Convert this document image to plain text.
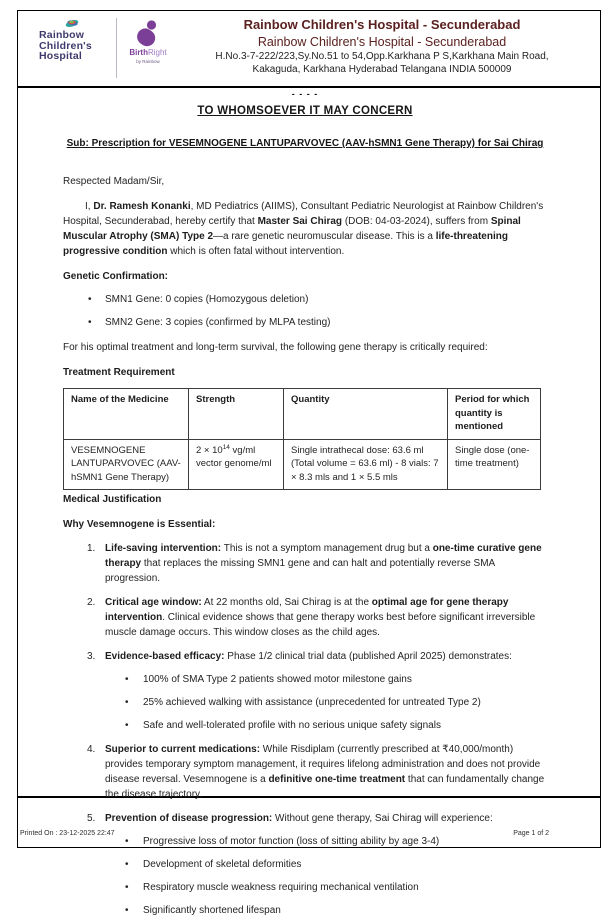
Rainbow
Children's
Hospital	BirthRight
by Rainbow
Rainbow Children's Hospital - Secunderabad
Rainbow Children's Hospital - Secunderabad
H.No.3-7-222/223,Sy.No.51 to 54,Opp.Karkhana P S,Karkhana Main Road,
Kakaguda, Karkhana Hyderabad Telangana INDIA 500009
- - - -
TO WHOMSOEVER IT MAY CONCERN
Sub: Prescription for VESEMNOGENE LANTUPARVOVEC (AAV-hSMN1 Gene Therapy) for Sai Chirag
Respected Madam/Sir,

I, Dr. Ramesh Konanki, MD Pediatrics (AIIMS), Consultant Pediatric Neurologist at Rainbow Children's Hospital, Secunderabad, hereby certify that Master Sai Chirag (DOB: 04-03-2024), suffers from Spinal Muscular Atrophy (SMA) Type 2—a rare genetic neuromuscular disease. This is a life-threatening progressive condition which is often fatal without intervention.

Genetic Confirmation:
• SMN1 Gene: 0 copies (Homozygous deletion)
• SMN2 Gene: 3 copies (confirmed by MLPA testing)

For his optimal treatment and long-term survival, the following gene therapy is critically required:

Treatment Requirement
Name of the Medicine	Strength	Quantity	Period for which quantity is mentioned
VESEMNOGENE LANTUPARVOVEC (AAV-hSMN1 Gene Therapy)	$2 \times 10^{14}$ vg/ml vector genome/ml	Single intrathecal dose: 63.6 ml (Total volume = 63.6 ml) - 8 vials: 7 × 8.3 mls and 1 × 5.5 mls	Single dose (one-time treatment)
Medical Justification
Why Vesemnogene is Essential:
1. Life-saving intervention: This is not a symptom management drug but a one-time curative gene therapy that replaces the missing SMN1 gene and can halt and potentially reverse SMA progression.
2. Critical age window: At 22 months old, Sai Chirag is at the optimal age for gene therapy intervention. Clinical evidence shows that gene therapy works best before significant irreversible muscle damage occurs. This window closes as the child ages.
3. Evidence-based efficacy: Phase 1/2 clinical trial data (published April 2025) demonstrates:
• 100% of SMA Type 2 patients showed motor milestone gains
• 25% achieved walking with assistance (unprecedented for untreated Type 2)
• Safe and well-tolerated profile with no serious unique safety signals
4. Superior to current medications: While Risdiplam (currently prescribed at ₹40,000/month) provides temporary symptom management, it requires lifelong administration and does not provide disease reversal. Vesemnogene is a definitive one-time treatment that can fundamentally change the disease trajectory.
5. Prevention of disease progression: Without gene therapy, Sai Chirag will experience:
• Progressive loss of motor function (loss of sitting ability by age 3-4)
• Development of skeletal deformities
• Respiratory muscle weakness requiring mechanical ventilation
• Significantly shortened lifespan
Printed On : 23-12-2025 22:47	Page 1 of 2
